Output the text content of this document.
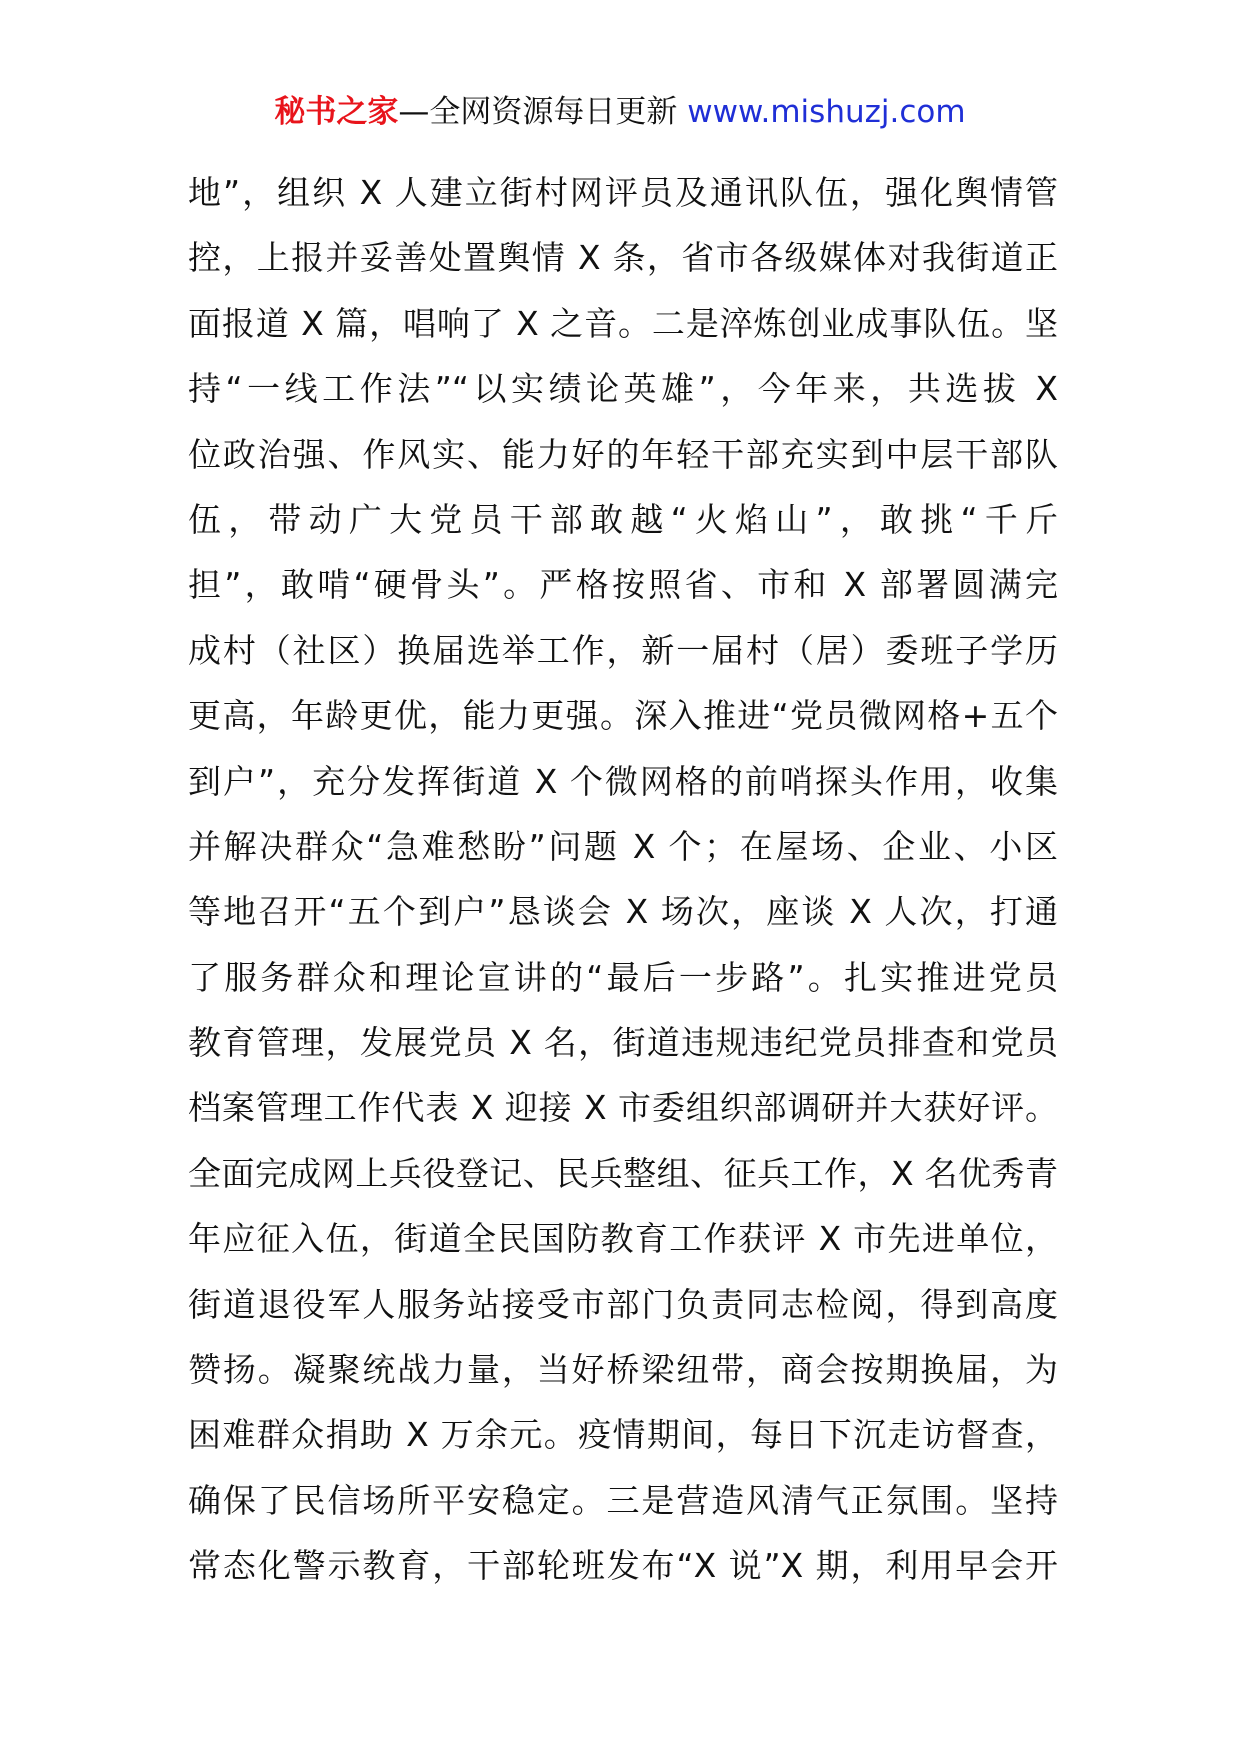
秘书之家—全网资源每日更新 www.mishuzj.com
地”，组织 X 人建立街村网评员及通讯队伍，强化舆情管
控，上报并妥善处置舆情 X 条，省市各级媒体对我街道正
面报道 X 篇，唱响了 X 之音。二是淬炼创业成事队伍。坚
持“一线工作法”“以实绩论英雄”，今年来，共选拔 X
位政治强、作风实、能力好的年轻干部充实到中层干部队
伍，带动广大党员干部敢越“火焰山”，敢挑“千斤
担”，敢啃“硬骨头”。严格按照省、市和 X 部署圆满完
成村（社区）换届选举工作，新一届村（居）委班子学历
更高，年龄更优，能力更强。深入推进“党员微网格+五个
到户”，充分发挥街道 X 个微网格的前哨探头作用，收集
并解决群众“急难愁盼”问题 X 个；在屋场、企业、小区
等地召开“五个到户”恳谈会 X 场次，座谈 X 人次，打通
了服务群众和理论宣讲的“最后一步路”。扎实推进党员
教育管理，发展党员 X 名，街道违规违纪党员排查和党员
档案管理工作代表 X 迎接 X 市委组织部调研并大获好评。
全面完成网上兵役登记、民兵整组、征兵工作，X 名优秀青
年应征入伍，街道全民国防教育工作获评 X 市先进单位，
街道退役军人服务站接受市部门负责同志检阅，得到高度
赞扬。凝聚统战力量，当好桥梁纽带，商会按期换届，为
困难群众捐助 X 万余元。疫情期间，每日下沉走访督查，
确保了民信场所平安稳定。三是营造风清气正氛围。坚持
常态化警示教育，干部轮班发布“X 说”X 期，利用早会开
